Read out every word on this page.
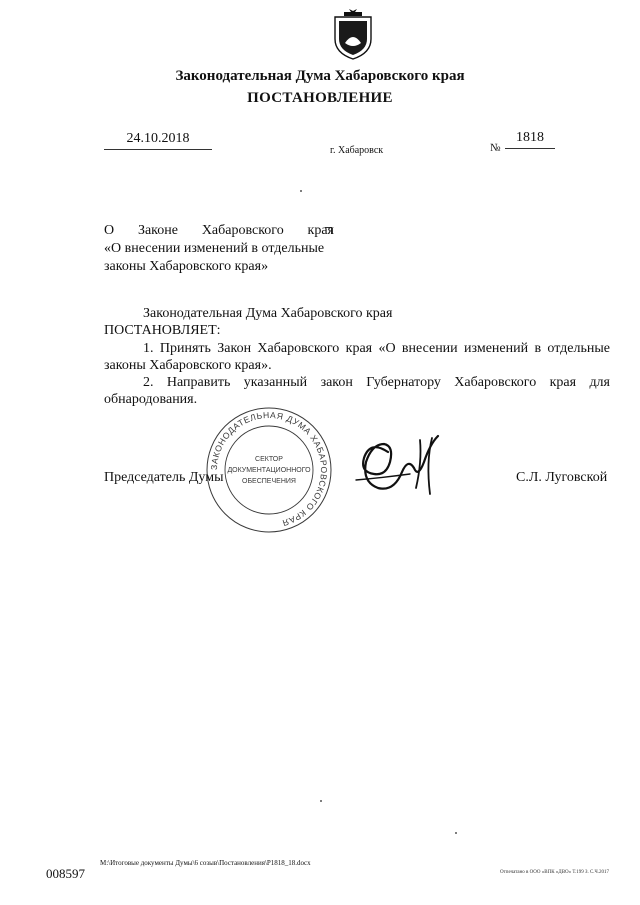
Законодательная Дума Хабаровского края
ПОСТАНОВЛЕНИЕ
24.10.2018
г. Хабаровск	№
1818
О Законе Хабаровского края
«О внесении изменений в отдельные
законы Хабаровского края»
Законодательная Дума Хабаровского края
ПОСТАНОВЛЯЕТ:

1. Принять Закон Хабаровского края «О внесении изменений в отдельные законы Хабаровского края».

2. Направить указанный закон Губернатору Хабаровского края для обнародования.

ЗАКОНОДАТЕЛЬНАЯ ДУМА ХАБАРОВСКОГО КРАЯ
СЕКТОР
ДОКУМЕНТАЦИОННОГО
ОБЕСПЕЧЕНИЯ
Председатель Думы	С.Л. Луговской
008597
M:\Итоговые документы Думы\6 созыв\Постановления\P1818_18.docx
Отпечатано в ООО «ВПК «ДВО» Т.199 З. С.Ч.2017
